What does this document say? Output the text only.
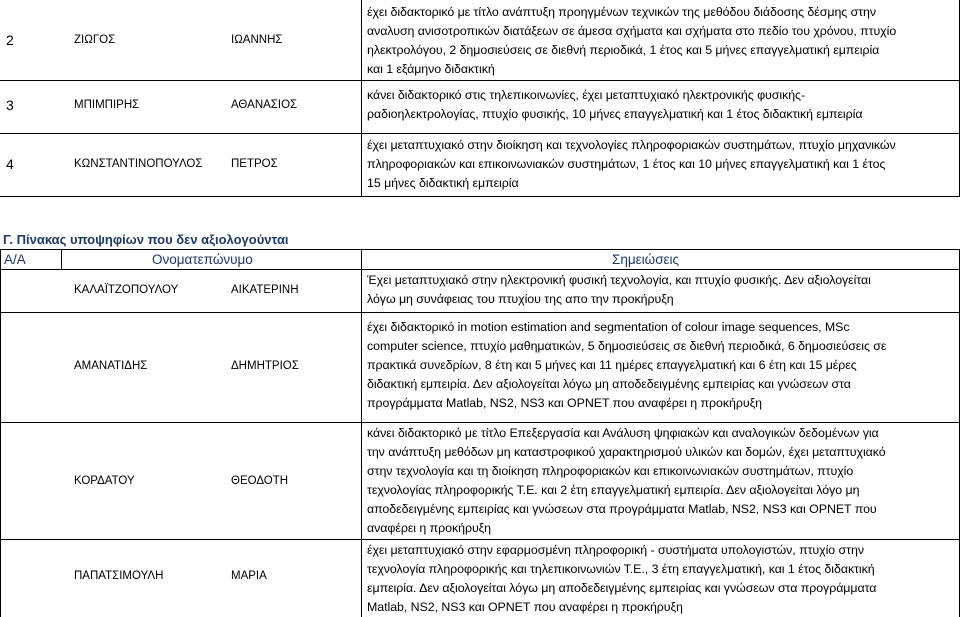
2	ΖΙΩΓΟΣ	ΙΩΑΝΝΗΣ
έχει διδακτορικό με τίτλο ανάπτυξη προηγμένων τεχνικών της μεθόδου διάδοσης δέσμης στην
αναλυση ανισοτροπικών διατάξεων σε άμεσα σχήματα και σχήματα στο πεδίο του χρόνου, πτυχίο
ηλεκτρολόγου, 2 δημοσιεύσεις σε διεθνή περιοδικά, 1 έτος και 5 μήνες επαγγελματική εμπειρία
και 1 εξάμηνο διδακτική
3	ΜΠΙΜΠΙΡΗΣ	ΑΘΑΝΑΣΙΟΣ
κάνει διδακτορικό στις τηλεπικοινωνίες, έχει μεταπτυχιακό ηλεκτρονικής φυσικής-
ραδιοηλεκτρολογίας, πτυχίο φυσικής, 10 μήνες επαγγελματική και 1 έτος διδακτική εμπειρία
4	ΚΩΝΣΤΑΝΤΙΝΟΠΟΥΛΟΣ ΠΕΤΡΟΣ
έχει μεταπτυχιακό στην διοίκηση και τεχνολογίες πληροφοριακών συστημάτων, πτυχίο μηχανικών
πληροφοριακών και επικοινωνιακών συστημάτων, 1 έτος και 10 μήνες επαγγελματική και 1 έτος
15 μήνες διδακτική εμπειρία
Γ. Πίνακας υποψηφίων που δεν αξιολογούνται
Α/Α	Ονοματεπώνυμο	Σημειώσεις
ΚΑΛΑΪΤΖΟΠΟΥΛΟΥ	ΑΙΚΑΤΕΡΙΝΗ
Έχει μεταπτυχιακό στην ηλεκτρονική φυσική τεχνολογία, και πτυχίο φυσικής. Δεν αξιολογείται
λόγω μη συνάφειας του πτυχίου της απο την προκήρυξη
ΑΜΑΝΑΤΙΔΗΣ	ΔΗΜΗΤΡΙΟΣ
έχει διδακτορικό in motion estimation and segmentation of colour image sequences, MSc
computer science, πτυχίο μαθηματικών, 5 δημοσιεύσεις σε διεθνή περιοδικά, 6 δημοσιεύσεις σε
πρακτικά συνεδρίων, 8 έτη και 5 μήνες και 11 ημέρες επαγγελματική και 6 έτη και 15 μέρες
διδακτική εμπειρία. Δεν αξιολογείται λόγω μη αποδεδειγμένης εμπειρίας και γνώσεων στα
προγράμματα Matlab, NS2, NS3 και OPNET που αναφέρει η προκήρυξη
ΚΟΡΔΑΤΟΥ	ΘΕΟΔΟΤΗ
κάνει διδακτορικό με τίτλο Επεξεργασία και Ανάλυση ψηφιακών και αναλογικών δεδομένων για
την ανάπτυξη μεθόδων μη καταστροφικού χαρακτηρισμού υλικών και δομών, έχει μεταπτυχιακό
στην τεχνολογία και τη διοίκηση πληροφοριακών και επικοινωνιακών συστημάτων, πτυχίο
τεχνολογίας πληροφορικής Τ.Ε. και 2 έτη επαγγελματική εμπειρία. Δεν αξιολογείται λόγο μη
αποδεδειγμένης εμπειρίας και γνώσεων στα προγράμματα Matlab, NS2, NS3 και OPNET που
αναφέρει η προκήρυξη
ΠΑΠΑΤΣΙΜΟΥΛΗ	ΜΑΡΙΑ
έχει μεταπτυχιακό στην εφαρμοσμένη πληροφορική - συστήματα υπολογιστών, πτυχίο στην
τεχνολογία πληροφορικής και τηλεπικοινωνιών Τ.Ε., 3 έτη επαγγελματική, και 1 έτος διδακτική
εμπειρία. Δεν αξιολογείται λόγω μη αποδεδειγμένης εμπειρίας και γνώσεων στα προγράμματα
Matlab, NS2, NS3 και OPNET που αναφέρει η προκήρυξη
